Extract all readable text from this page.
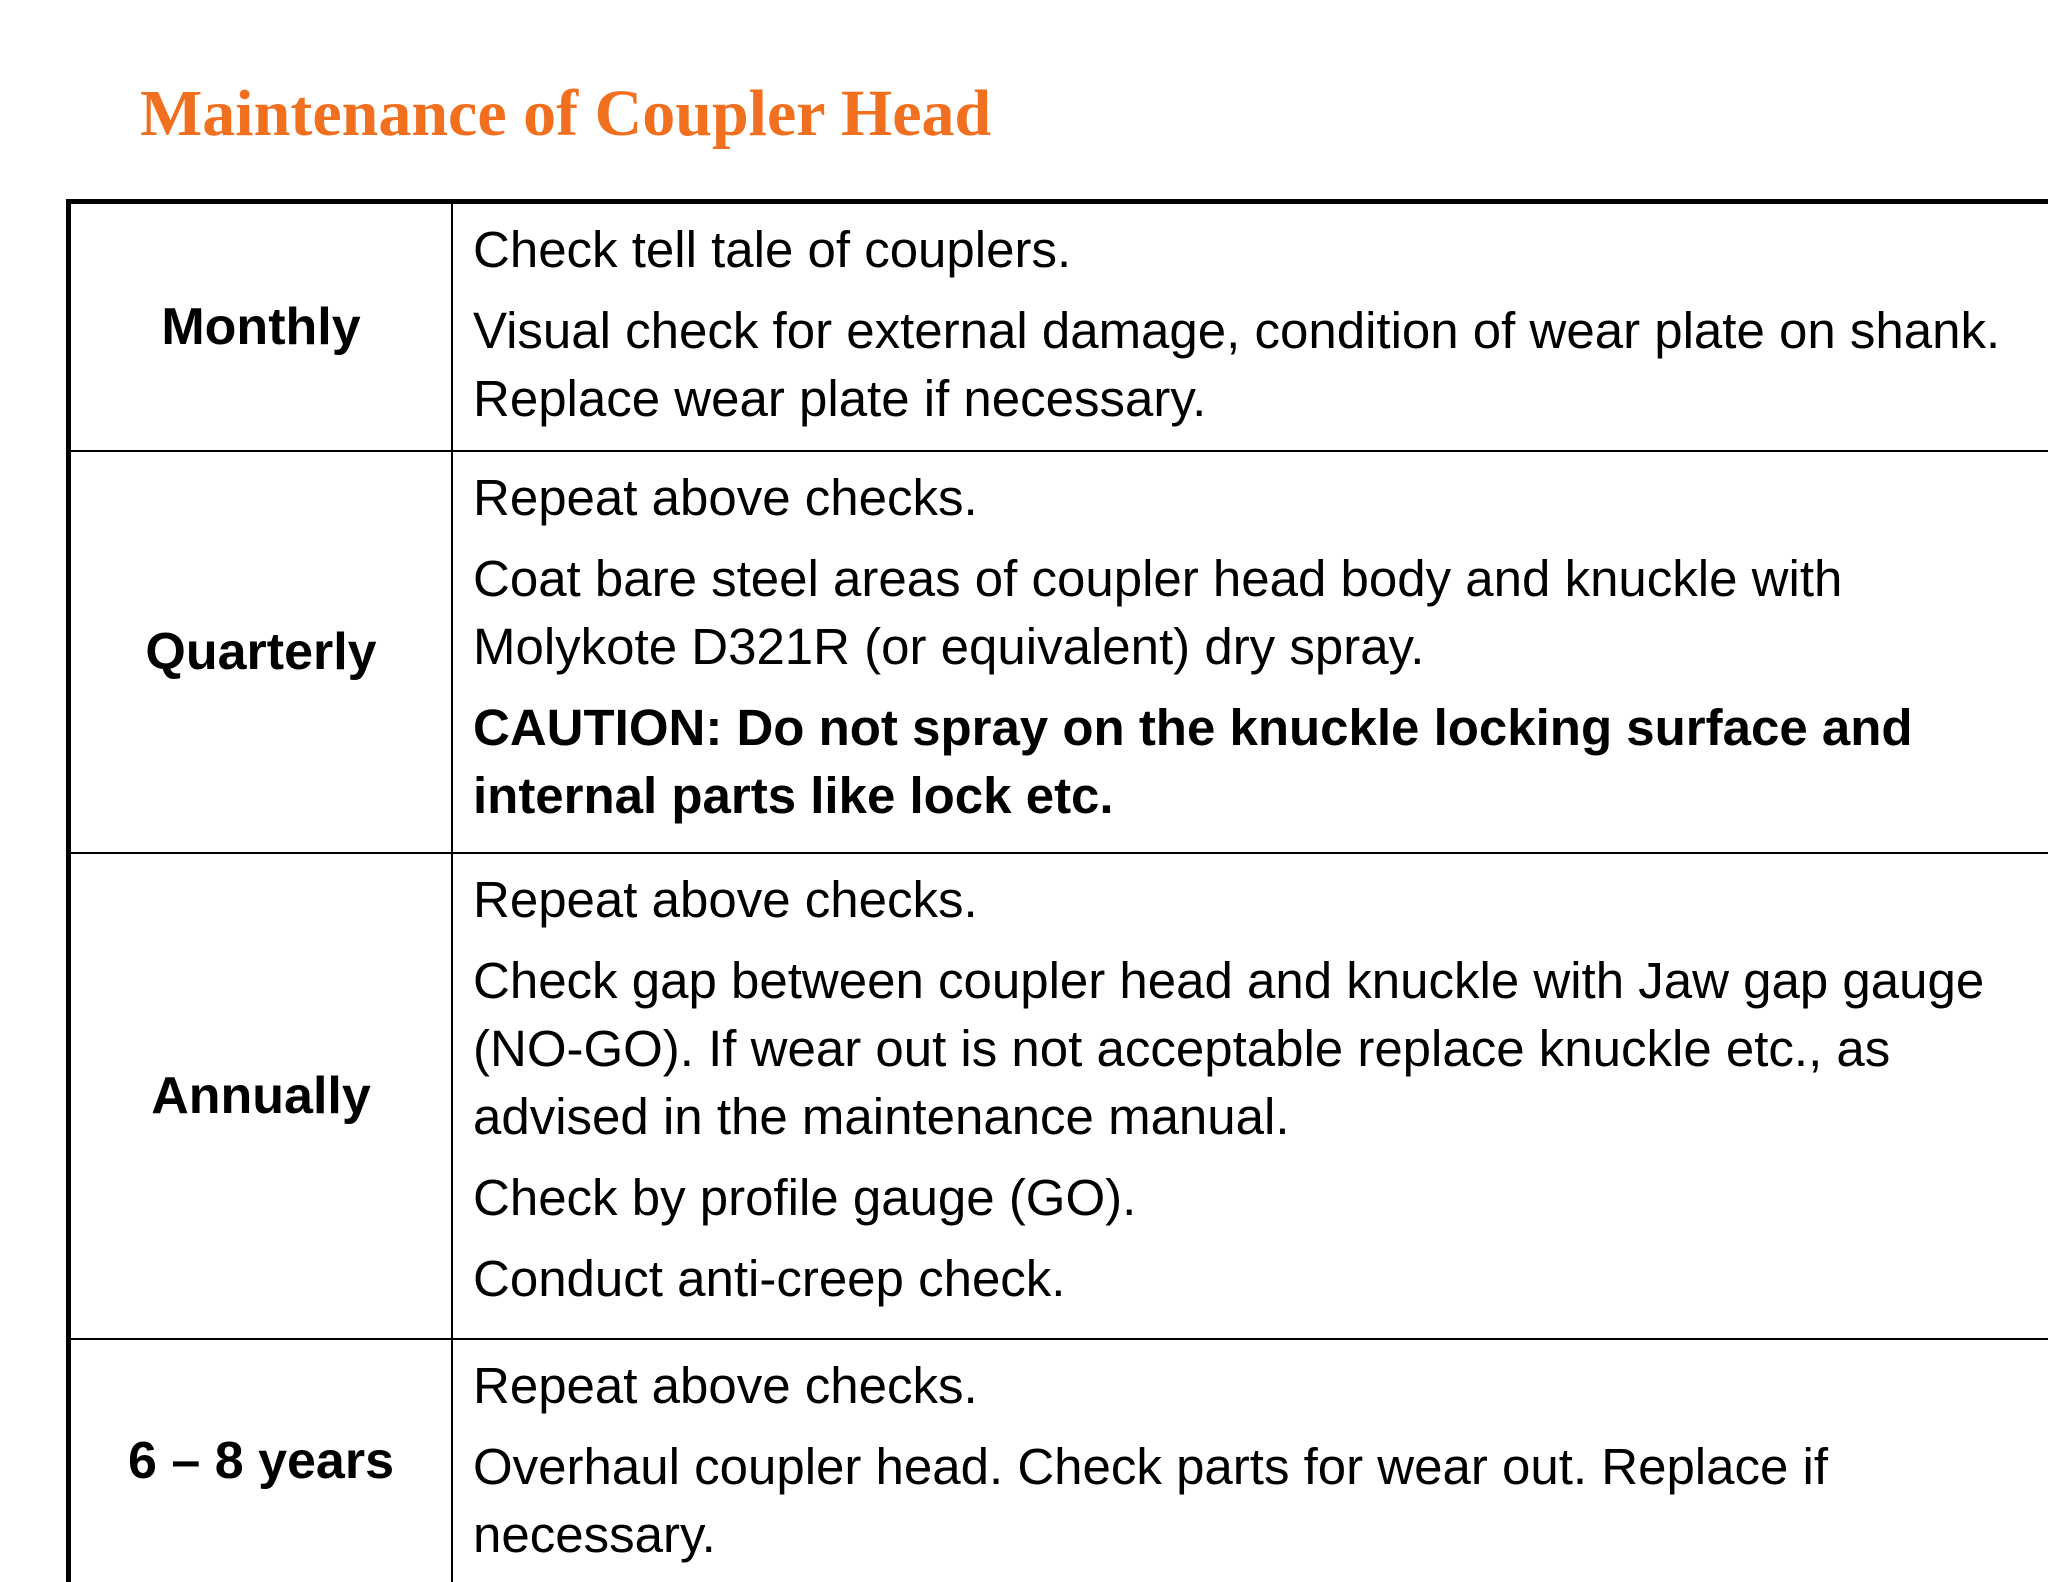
Maintenance of Coupler Head
Monthly	Check tell tale of couplers.

Visual check for external damage, condition of wear plate on shank. Replace wear plate if necessary.

Quarterly	Repeat above checks.

Coat bare steel areas of coupler head body and knuckle with Molykote D321R (or equivalent) dry spray.

CAUTION: Do not spray on the knuckle locking surface and internal parts like lock etc.

Annually	Repeat above checks.

Check gap between coupler head and knuckle with Jaw gap gauge (NO-GO). If wear out is not acceptable replace knuckle etc., as advised in the maintenance manual.

Check by profile gauge (GO).

Conduct anti-creep check.

6 – 8 years	Repeat above checks.

Overhaul coupler head. Check parts for wear out. Replace if necessary.
